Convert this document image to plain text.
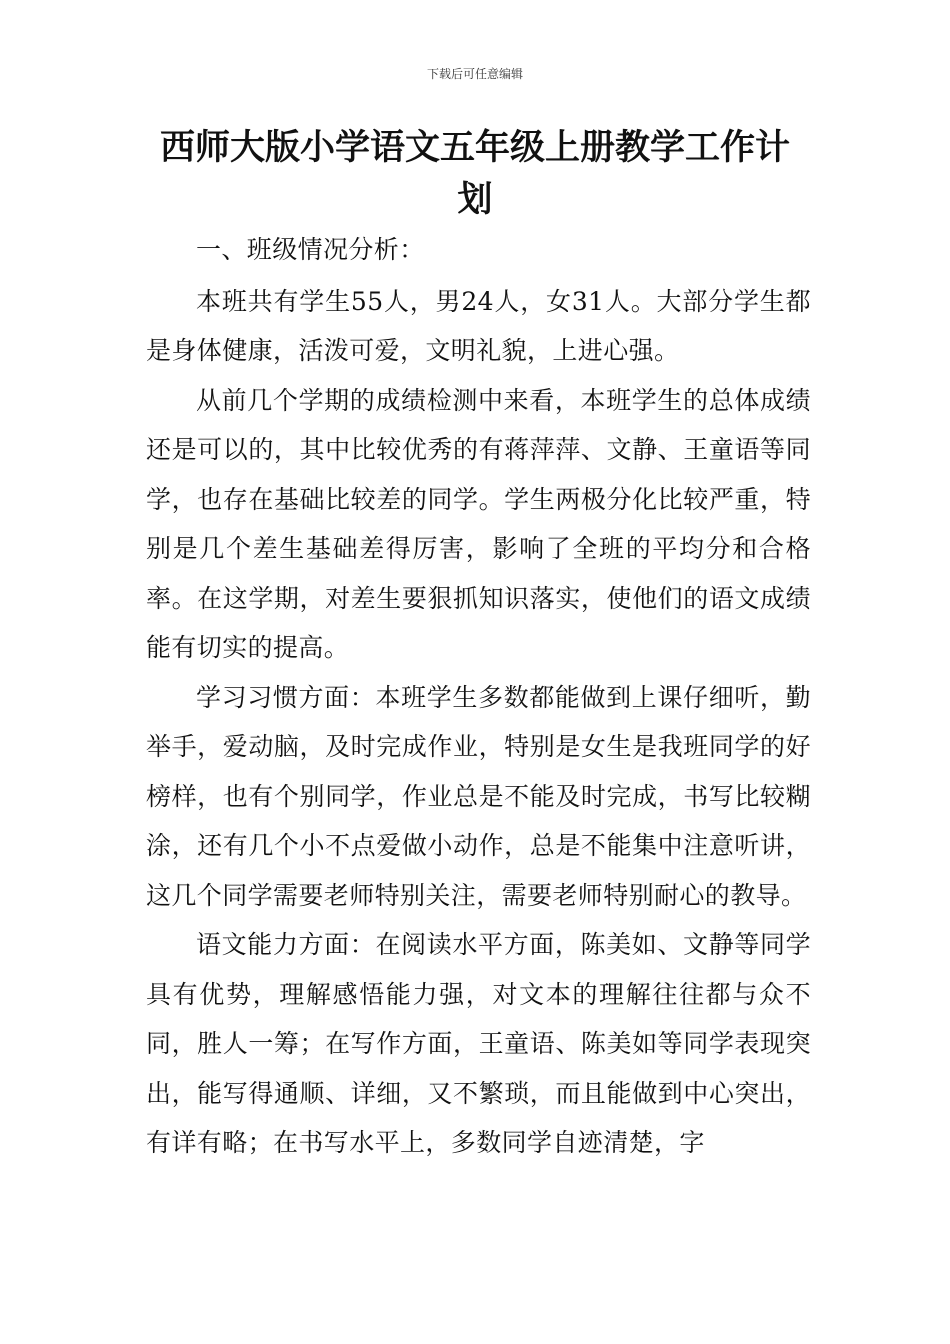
下载后可任意编辑
西师大版小学语文五年级上册教学工作计划

一、班级情况分析：

本班共有学生55人，男24人，女31人。大部分学生都是身体健康，活泼可爱，文明礼貌，上进心强。

从前几个学期的成绩检测中来看，本班学生的总体成绩还是可以的，其中比较优秀的有蒋萍萍、文静、王童语等同学，也存在基础比较差的同学。学生两极分化比较严重，特别是几个差生基础差得厉害，影响了全班的平均分和合格率。在这学期，对差生要狠抓知识落实，使他们的语文成绩能有切实的提高。

学习习惯方面：本班学生多数都能做到上课仔细听，勤举手，爱动脑，及时完成作业，特别是女生是我班同学的好榜样，也有个别同学，作业总是不能及时完成，书写比较糊涂，还有几个小不点爱做小动作，总是不能集中注意听讲，这几个同学需要老师特别关注，需要老师特别耐心的教导。

语文能力方面：在阅读水平方面，陈美如、文静等同学具有优势，理解感悟能力强，对文本的理解往往都与众不同，胜人一筹；在写作方面，王童语、陈美如等同学表现突出，能写得通顺、详细，又不繁琐，而且能做到中心突出，有详有略；在书写水平上，多数同学自迹清楚，字
